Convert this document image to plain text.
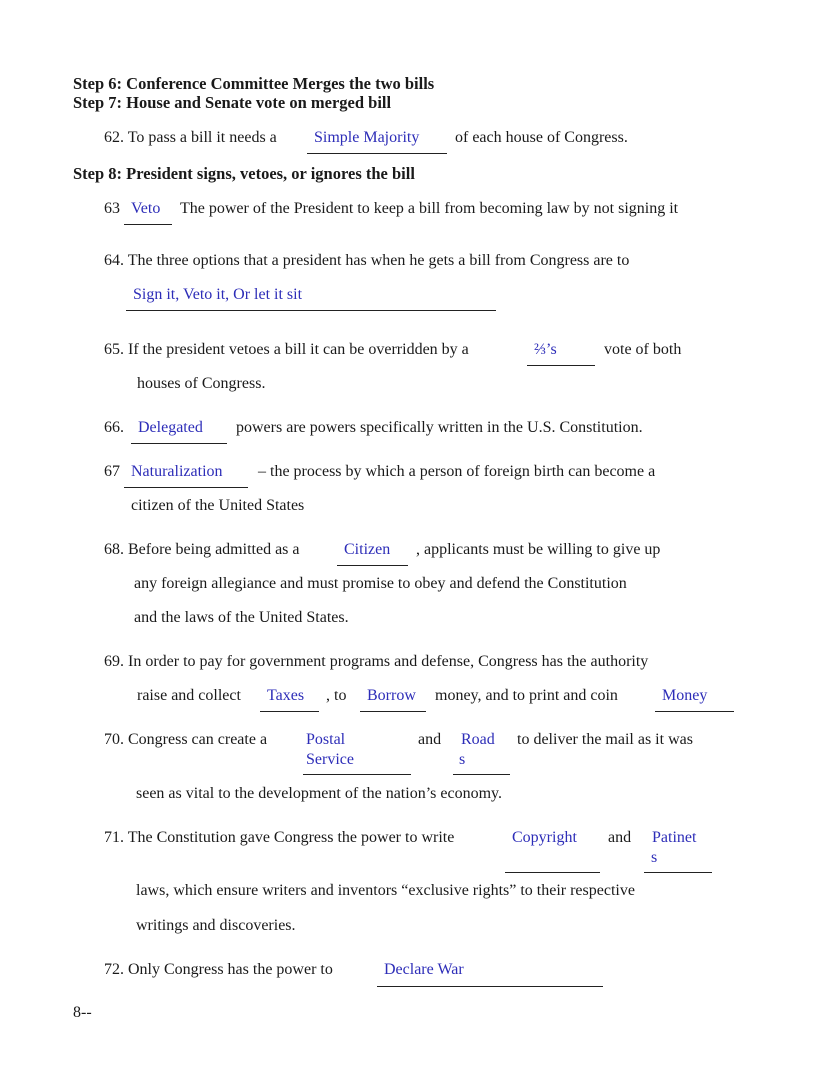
Step 6: Conference Committee Merges the two bills
Step 7: House and Senate vote on merged bill
62. To pass a bill it needs a Simple Majority of each house of Congress.
Step 8: President signs, vetoes, or ignores the bill
63 Veto The power of the President to keep a bill from becoming law by not signing it
64. The three options that a president has when he gets a bill from Congress are to
Sign it, Veto it, Or let it sit
65. If the president vetoes a bill it can be overridden by a	⅔’s	vote of both
houses of Congress.
66. Delegated powers are powers specifically written in the U.S. Constitution.
67 Naturalization – the process by which a person of foreign birth can become a
citizen of the United States
68. Before being admitted as a	Citizen , applicants must be willing to give up
any foreign allegiance and must promise to obey and defend the Constitution
and the laws of the United States.
69. In order to pay for government programs and defense, Congress has the authority
raise and collect Taxes , to Borrow money, and to print and coin	Money
70. Congress can create a Postal
Service
and Road
s
to deliver the mail as it was
seen as vital to the development of the nation’s economy.
71. The Constitution gave Congress the power to write	Copyright and Patinet
s
laws, which ensure writers and inventors “exclusive rights” to their respective
writings and discoveries.
72. Only Congress has the power to	Declare War
8--
